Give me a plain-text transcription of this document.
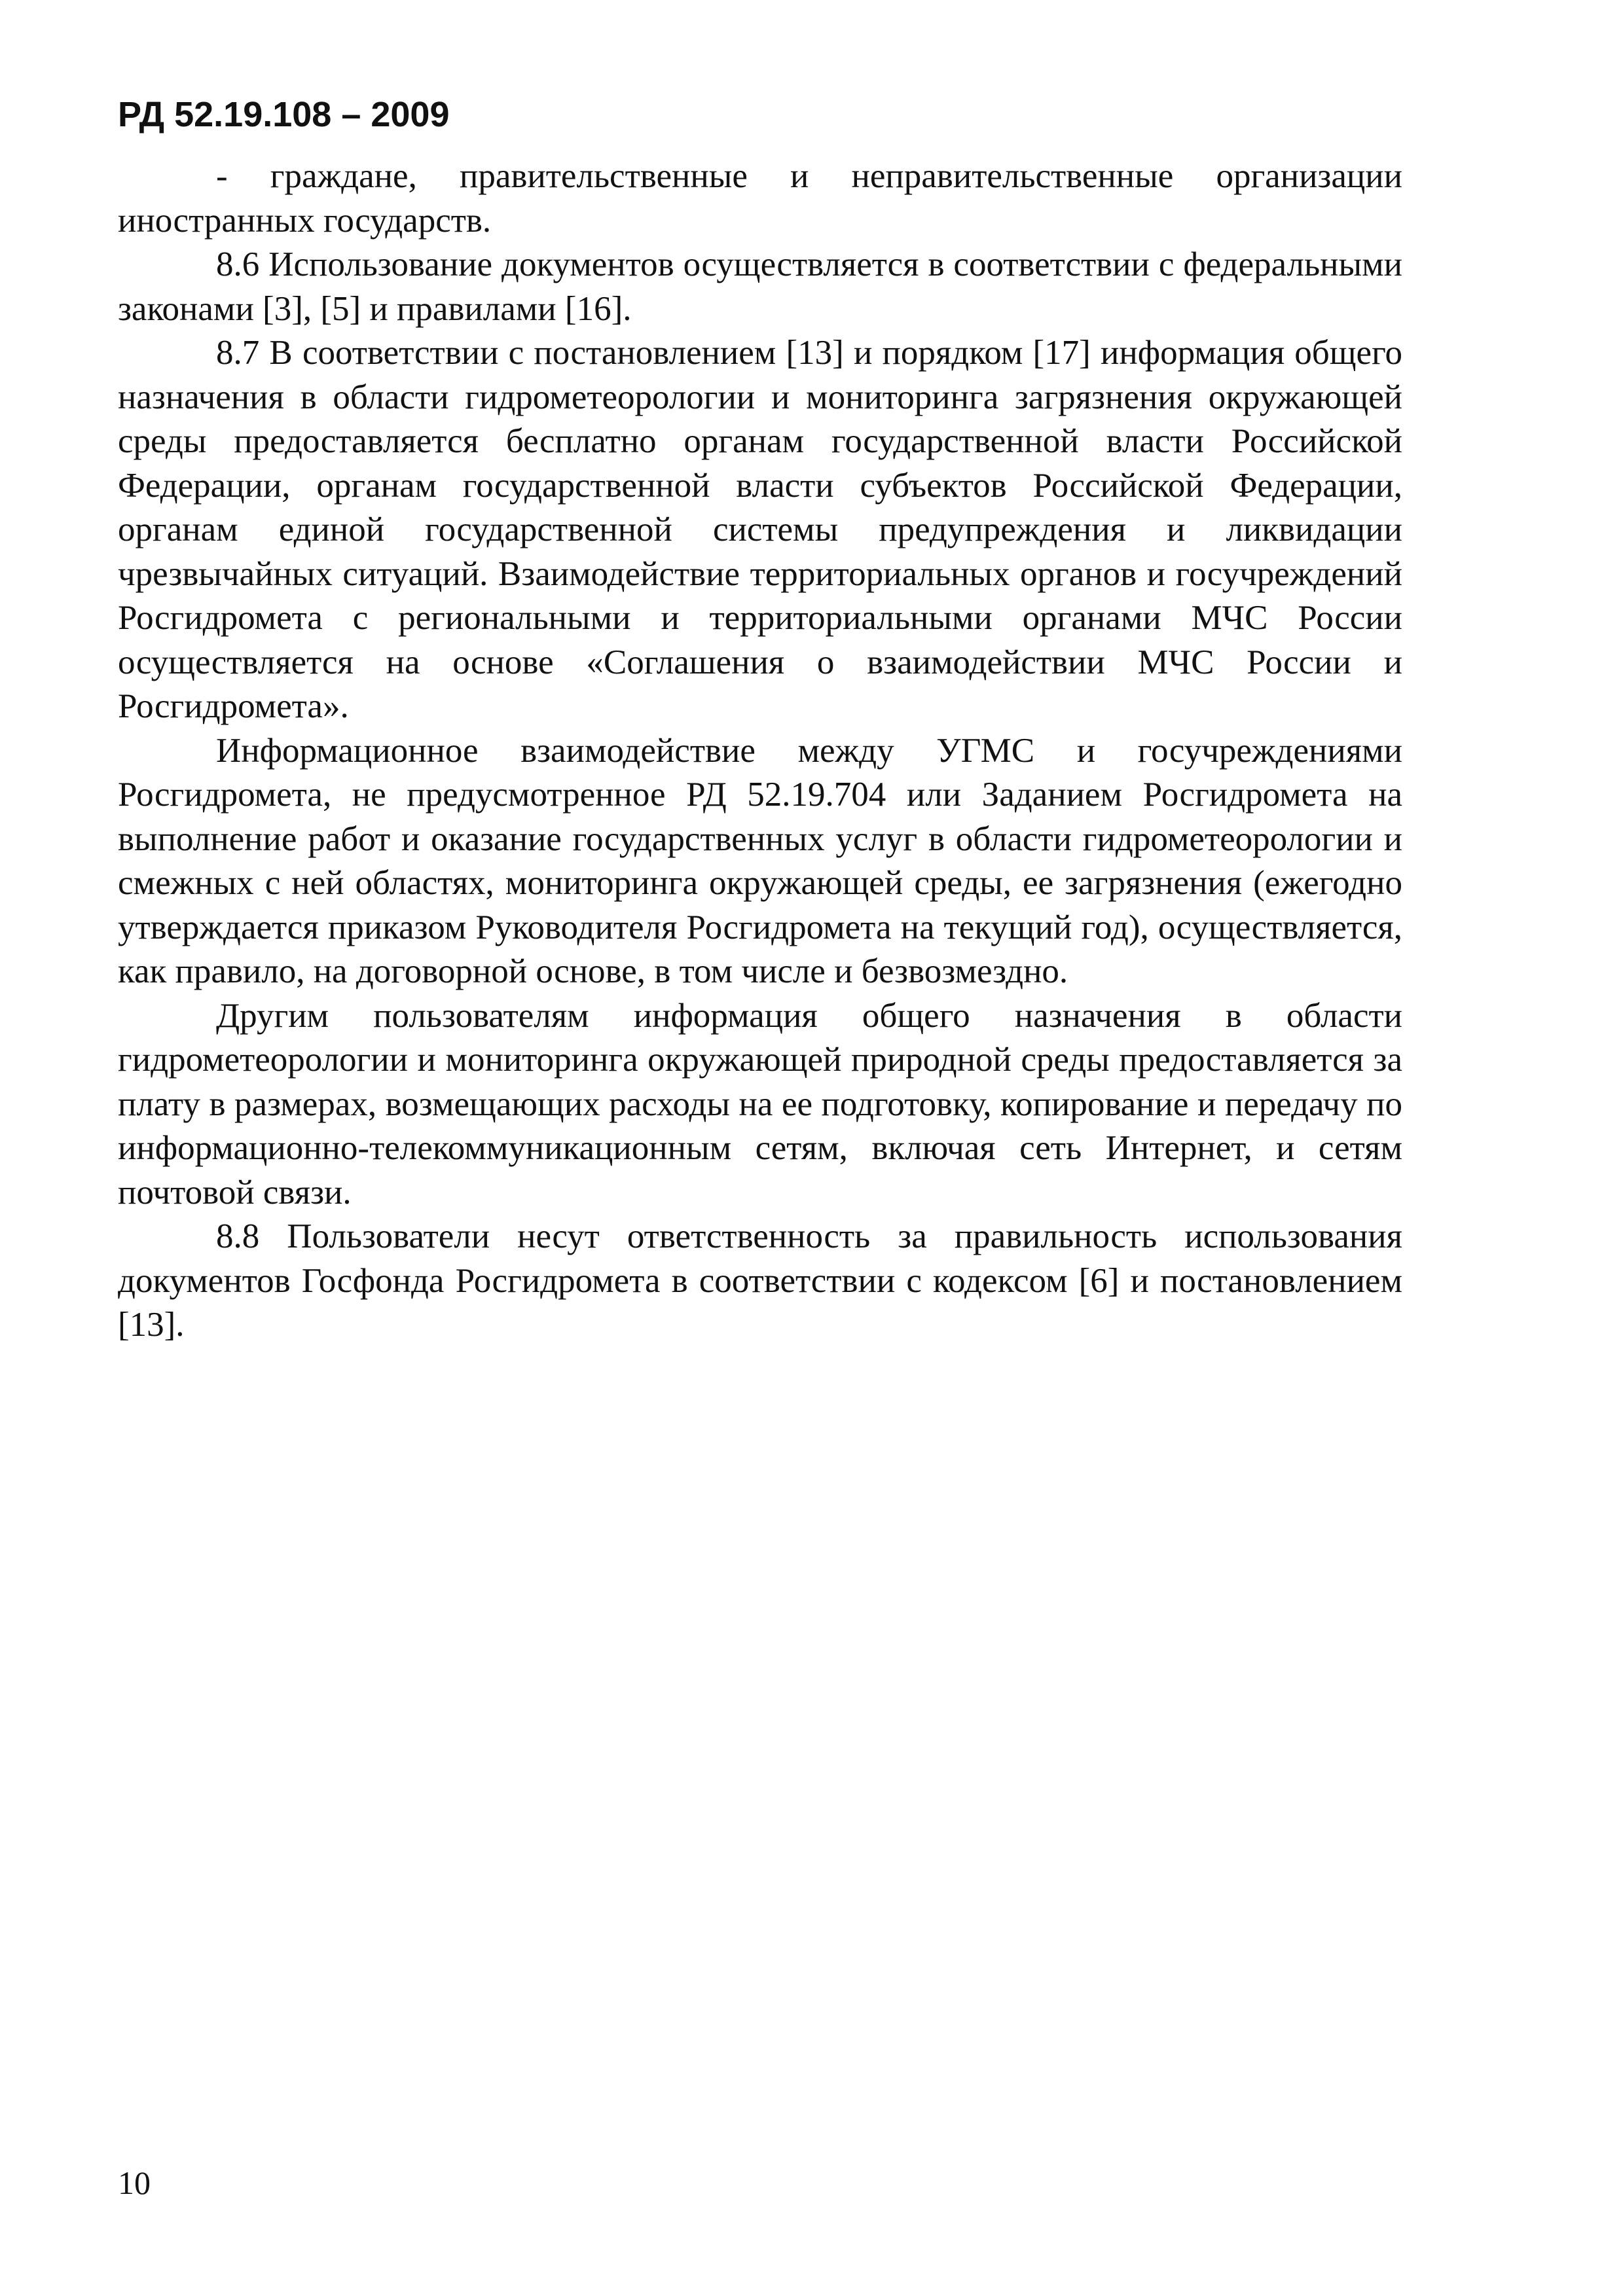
РД 52.19.108 – 2009

- граждане, правительственные и неправительственные организации иностранных государств.

8.6 Использование документов осуществляется в соответствии с федеральными законами [3], [5] и правилами [16].

8.7 В соответствии с постановлением [13] и порядком [17] информация общего назначения в области гидрометеорологии и мониторинга загрязнения окружающей среды предоставляется бесплатно органам государственной власти Российской Федерации, органам государственной власти субъектов Российской Федерации, органам единой государственной системы предупреждения и ликвидации чрезвычайных ситуаций. Взаимодействие территориальных органов и госучреждений Росгидромета с региональными и территориальными органами МЧС России осуществляется на основе «Соглашения о взаимодействии МЧС России и Росгидромета».

Информационное взаимодействие между УГМС и госучреждениями Росгидромета, не предусмотренное РД 52.19.704 или Заданием Росгидромета на выполнение работ и оказание государственных услуг в области гидрометеорологии и смежных с ней областях, мониторинга окружающей среды, ее загрязнения (ежегодно утверждается приказом Руководителя Росгидромета на текущий год), осуществляется, как правило, на договорной основе, в том числе и безвозмездно.

Другим пользователям информация общего назначения в области гидрометеорологии и мониторинга окружающей природной среды предоставляется за плату в размерах, возмещающих расходы на ее подготовку, копирование и передачу по информационно-телекоммуникационным сетям, включая сеть Интернет, и сетям почтовой связи.

8.8 Пользователи несут ответственность за правильность использования документов Госфонда Росгидромета в соответствии с кодексом [6] и постановлением [13].

10
